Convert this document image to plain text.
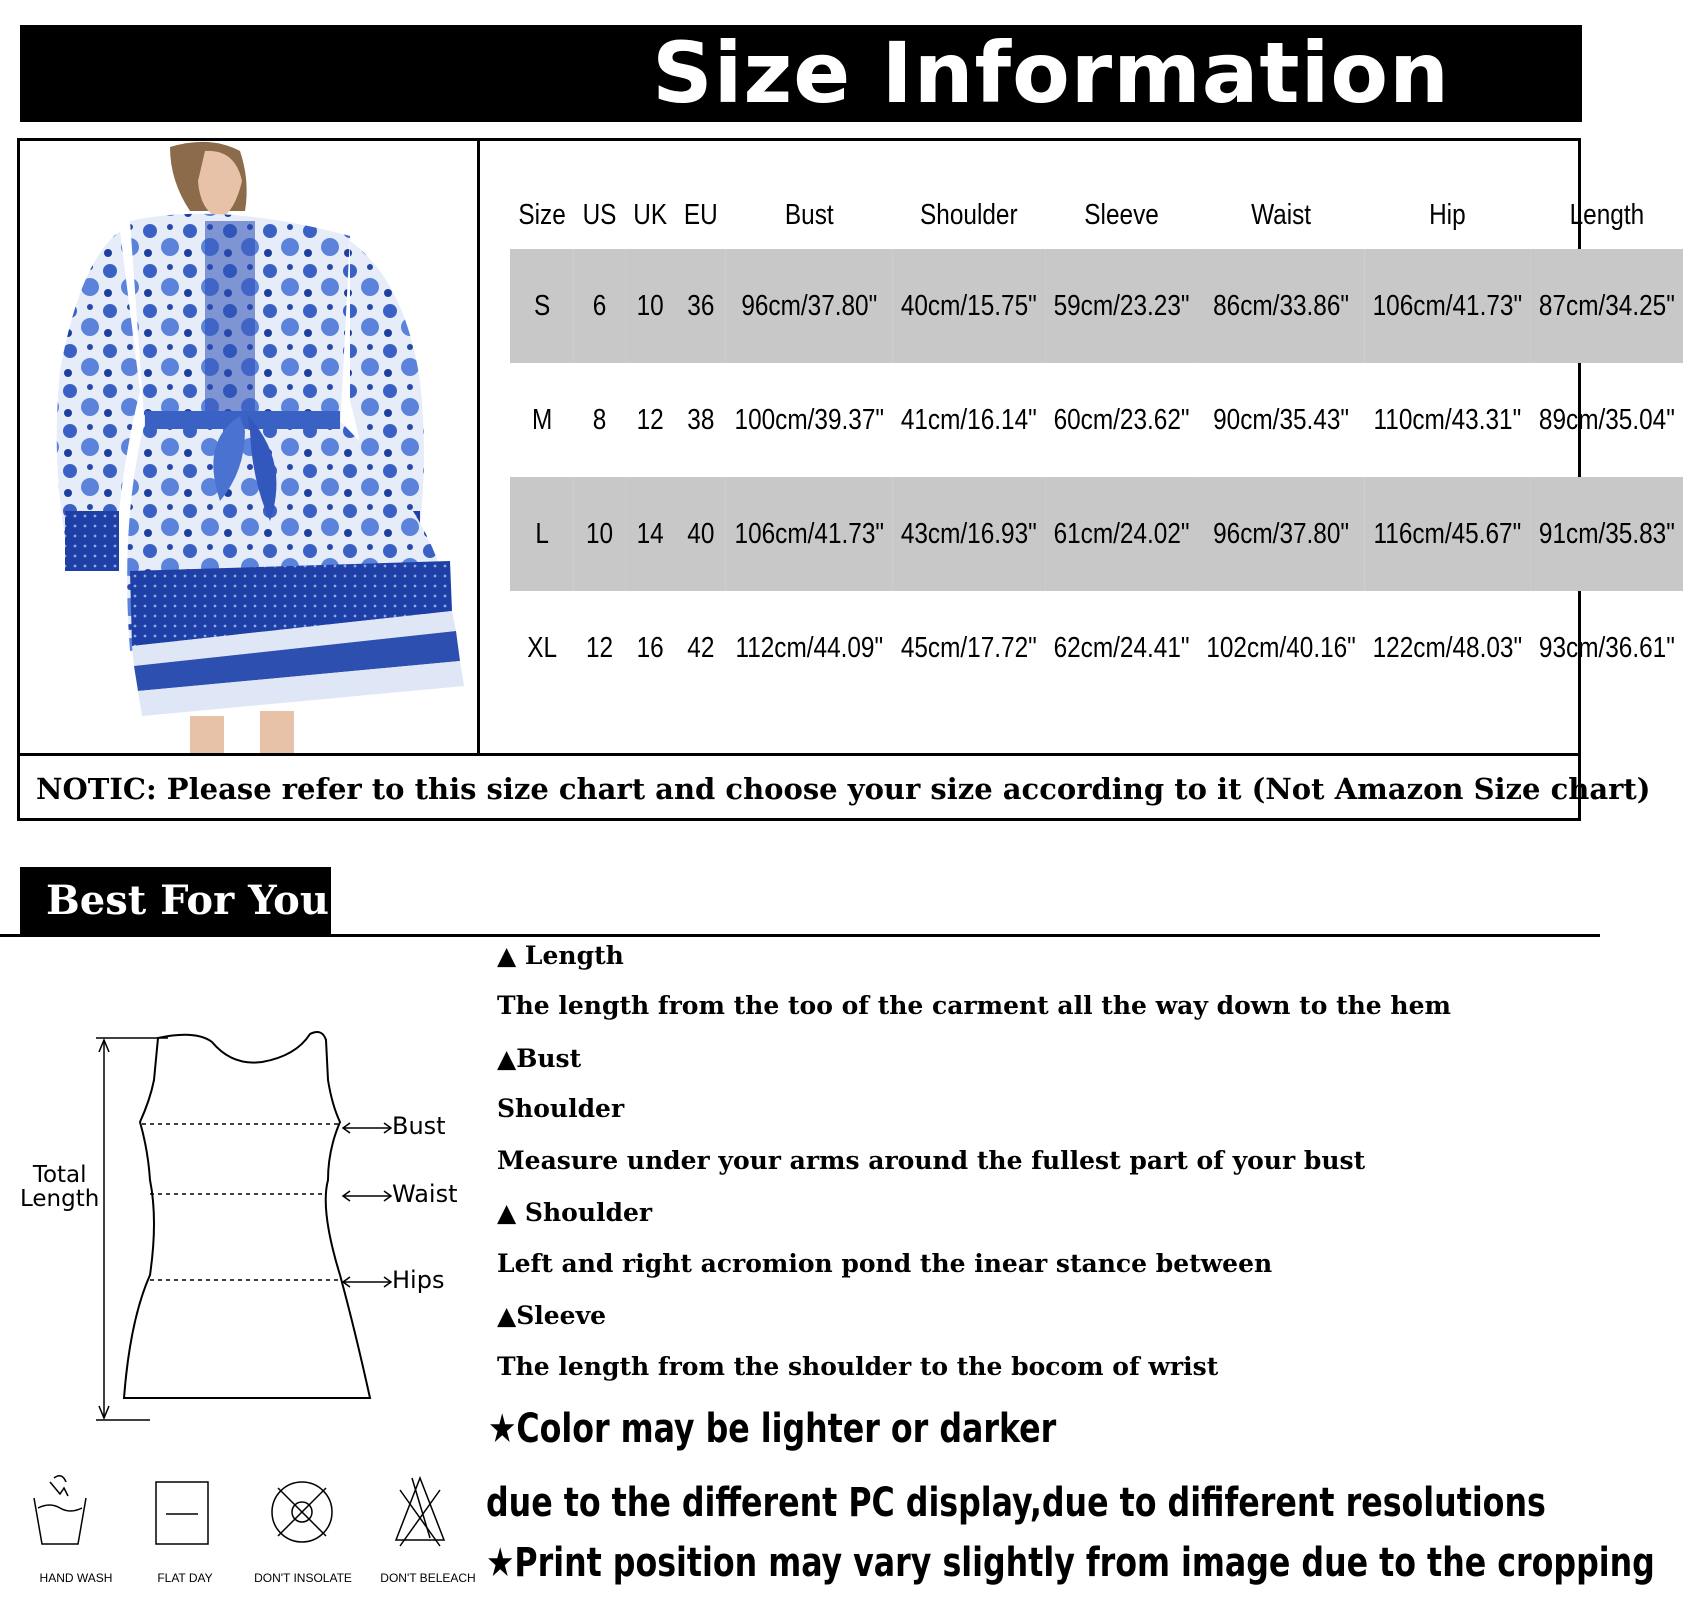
Size Information
Size	US	UK	EU	Bust	Shoulder	Sleeve	Waist	Hip	Length
S	6	10	36	96cm/37.80"	40cm/15.75"	59cm/23.23"	86cm/33.86"	106cm/41.73"	87cm/34.25"
M	8	12	38	100cm/39.37"	41cm/16.14"	60cm/23.62"	90cm/35.43"	110cm/43.31"	89cm/35.04"
L	10	14	40	106cm/41.73"	43cm/16.93"	61cm/24.02"	96cm/37.80"	116cm/45.67"	91cm/35.83"
XL	12	16	42	112cm/44.09"	45cm/17.72"	62cm/24.41"	102cm/40.16"	122cm/48.03"	93cm/36.61"
NOTIC: Please refer to this size chart and choose your size according to it (Not Amazon Size chart)
Best For You
Total
Length
Bust
Waist
Hips
▲ Length
The length from the too of the carment all the way down to the hem
▲Bust
Shoulder
Measure under your arms around the fullest part of your bust
▲ Shoulder
Left and right acromion pond the inear stance between
▲Sleeve
The length from the shoulder to the bocom of wrist
★Color may be lighter or darker
due to the different PC display,due to dififerent resolutions
★Print position may vary slightly from image due to the cropping
HAND WASH	FLAT DAY	DON'T INSOLATE DON'T BELEACH
